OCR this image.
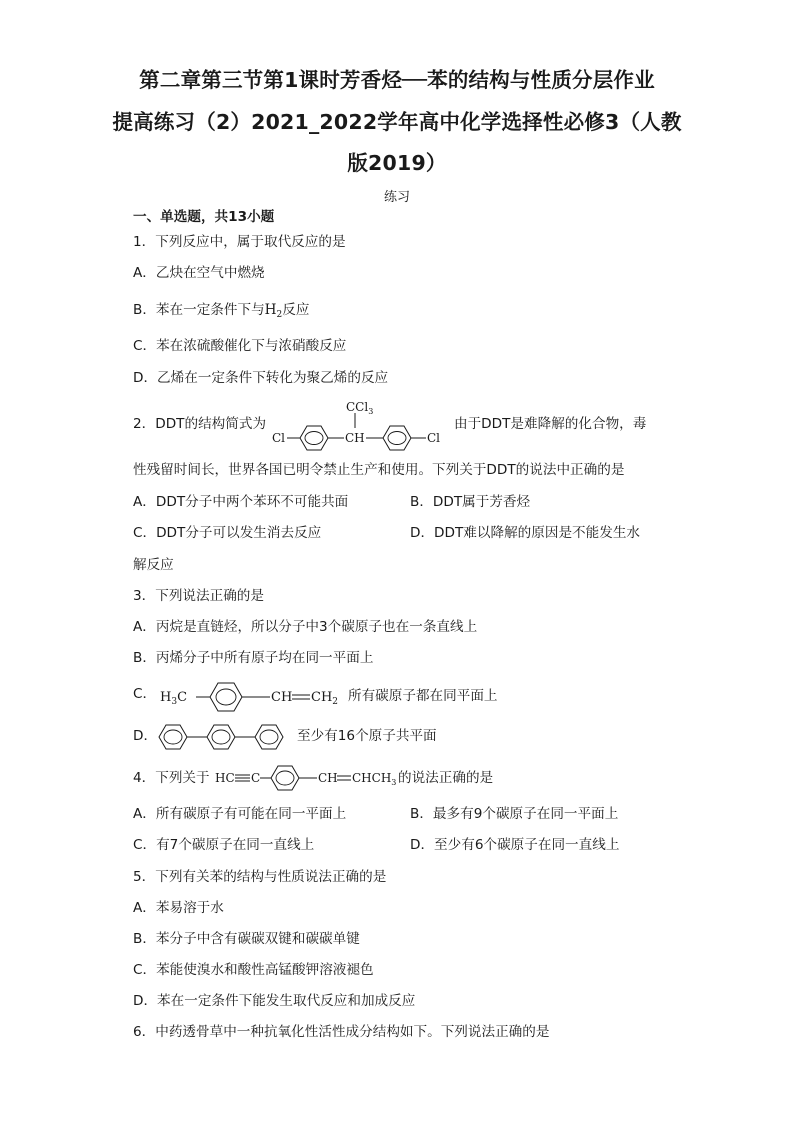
第二章第三节第1课时芳香烃──苯的结构与性质分层作业
提高练习（2）2021_2022学年高中化学选择性必修3（人教
版2019）
练习
一、单选题，共13小题
1．下列反应中，属于取代反应的是
A．乙炔在空气中燃烧
B．苯在一定条件下与$H_2$反应
C．苯在浓硫酸催化下与浓硝酸反应
D．乙烯在一定条件下转化为聚乙烯的反应
2．DDT的结构简式为
CCl$_3$
Cl	CH	Cl
由于DDT是难降解的化合物，毒
性残留时间长，世界各国已明令禁止生产和使用。下列关于DDT的说法中正确的是
A．DDT分子中两个苯环不可能共面	B．DDT属于芳香烃
C．DDT分子可以发生消去反应	D．DDT难以降解的原因是不能发生水
解反应
3．下列说法正确的是
A．丙烷是直链烃，所以分子中3个碳原子也在一条直线上
B．丙烯分子中所有原子均在同一平面上
C． $H_3C$	CH $CH_2$ 所有碳原子都在同平面上
D．	至少有16个原子共平面
4．下列关于 HC C	CH $CHCH_3$ 的说法正确的是
A．所有碳原子有可能在同一平面上	B．最多有9个碳原子在同一平面上
C．有7个碳原子在同一直线上	D．至少有6个碳原子在同一直线上
5．下列有关苯的结构与性质说法正确的是
A．苯易溶于水
B．苯分子中含有碳碳双键和碳碳单键
C．苯能使溴水和酸性高锰酸钾溶液褪色
D．苯在一定条件下能发生取代反应和加成反应
6．中药透骨草中一种抗氧化性活性成分结构如下。下列说法正确的是
